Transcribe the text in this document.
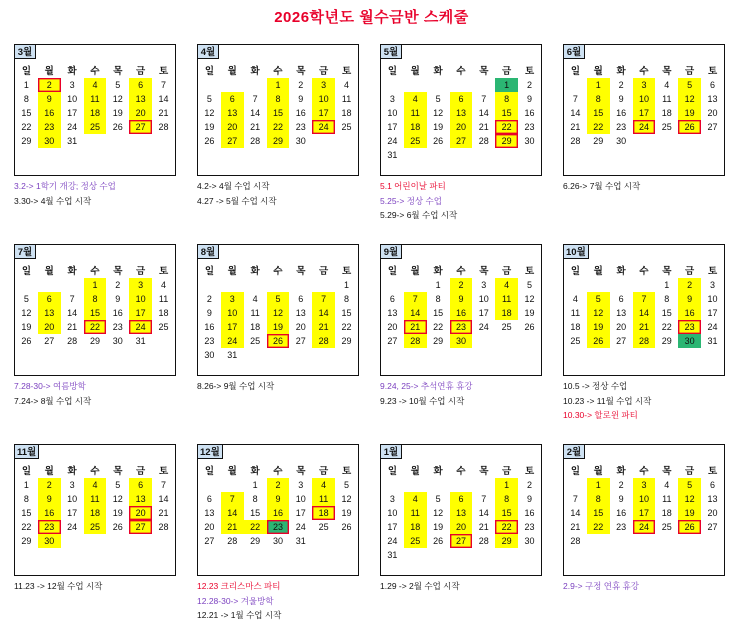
2026학년도 월수금반 스케줄
3월
일	월	화	수	목	금	토
1	2	3	4	5	6	7
8	9	10	11	12	13	14
15	16	17	18	19	20	21
22	23	24	25	26	27	28
29	30	31				
3.2-> 1학기 개강; 정상 수업
3.30-> 4월 수업 시작
4월
일	월	화	수	목	금	토
			1	2	3	4
5	6	7	8	9	10	11
12	13	14	15	16	17	18
19	20	21	22	23	24	25
26	27	28	29	30		
4.2-> 4월 수업 시작
4.27 -> 5월 수업 시작
5월
일	월	화	수	목	금	토
					1	2
3	4	5	6	7	8	9
10	11	12	13	14	15	16
17	18	19	20	21	22	23
24	25	26	27	28	29	30
31						
5.1 어린이날 파티
5.25-> 정상 수업
5.29-> 6월 수업 시작
6월
일	월	화	수	목	금	토
	1	2	3	4	5	6
7	8	9	10	11	12	13
14	15	16	17	18	19	20
21	22	23	24	25	26	27
28	29	30				
6.26-> 7월 수업 시작
7월
일	월	화	수	목	금	토
			1	2	3	4
5	6	7	8	9	10	11
12	13	14	15	16	17	18
19	20	21	22	23	24	25
26	27	28	29	30	31	
7.28-30-> 여름방학
7.24-> 8월 수업 시작
8월
일	월	화	수	목	금	토
						1
2	3	4	5	6	7	8
9	10	11	12	13	14	15
16	17	18	19	20	21	22
23	24	25	26	27	28	29
30	31					
8.26-> 9월 수업 시작
9월
일	월	화	수	목	금	토
		1	2	3	4	5
6	7	8	9	10	11	12
13	14	15	16	17	18	19
20	21	22	23	24	25	26
27	28	29	30			
9.24, 25-> 추석연휴 휴강
9.23 -> 10월 수업 시작
10월
일	월	화	수	목	금	토
				1	2	3
4	5	6	7	8	9	10
11	12	13	14	15	16	17
18	19	20	21	22	23	24
25	26	27	28	29	30	31
10.5 -> 정상 수업
10.23 -> 11월 수업 시작
10.30-> 할로윈 파티
11월
일	월	화	수	목	금	토
1	2	3	4	5	6	7
8	9	10	11	12	13	14
15	16	17	18	19	20	21
22	23	24	25	26	27	28
29	30					
11.23 -> 12월 수업 시작
12월
일	월	화	수	목	금	토
		1	2	3	4	5
6	7	8	9	10	11	12
13	14	15	16	17	18	19
20	21	22	23	24	25	26
27	28	29	30	31		
12.23 크리스마스 파티
12.28-30-> 겨울방학
12.21 -> 1월 수업 시작
1월
일	월	화	수	목	금	토
					1	2
3	4	5	6	7	8	9
10	11	12	13	14	15	16
17	18	19	20	21	22	23
24	25	26	27	28	29	30
31						
1.29 -> 2월 수업 시작
2월
일	월	화	수	목	금	토
	1	2	3	4	5	6
7	8	9	10	11	12	13
14	15	16	17	18	19	20
21	22	23	24	25	26	27
28						
2.9-> 구정 연휴 휴강
